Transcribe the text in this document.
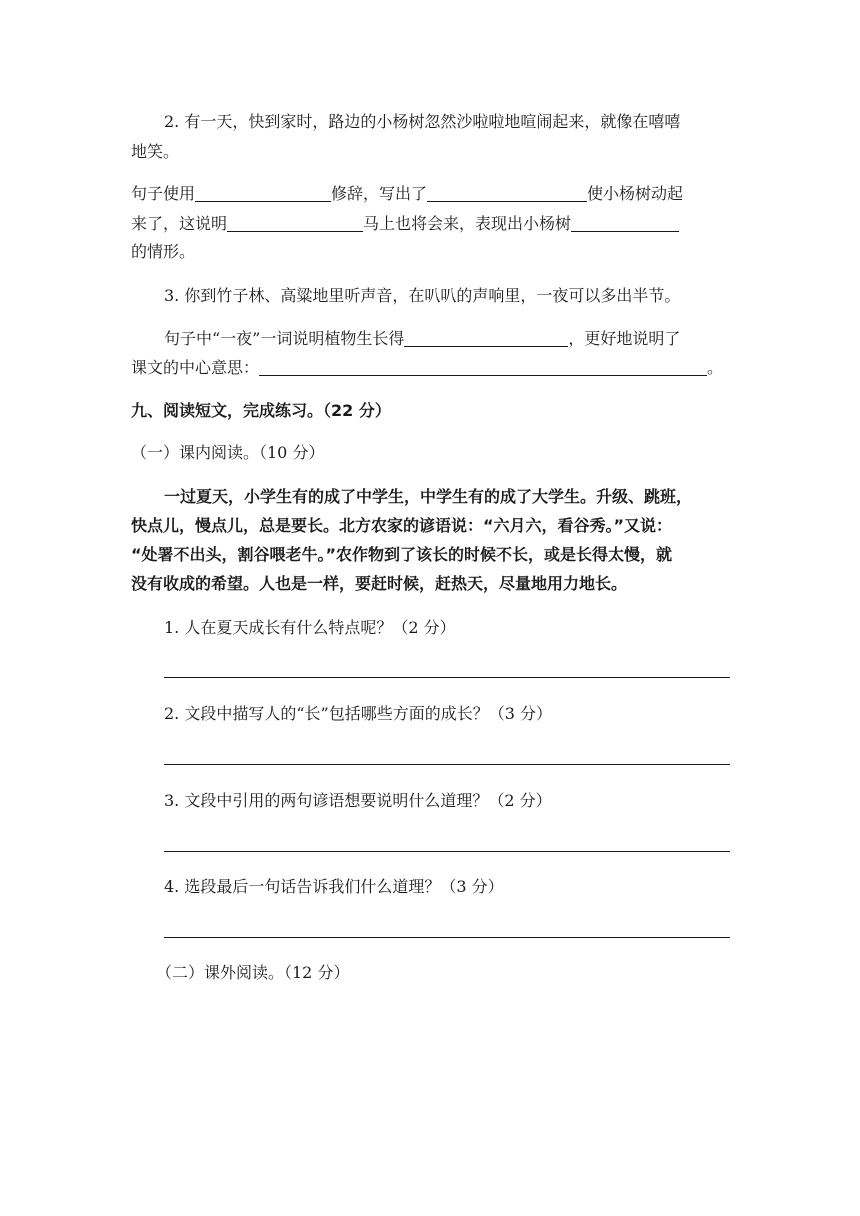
2. 有一天，快到家时，路边的小杨树忽然沙啦啦地喧闹起来，就像在嘻嘻
地笑。
句子使用	修辞，写出了	使小杨树动起
来了，这说明	马上也将会来，表现出小杨树
的情形。
3. 你到竹子林、高粱地里听声音，在叭叭的声响里，一夜可以多出半节。
句子中“一夜”一词说明植物生长得	，更好地说明了
课文的中心意思：	。
九、阅读短文，完成练习。（22 分）
（一）课内阅读。（10 分）
一过夏天，小学生有的成了中学生，中学生有的成了大学生。升级、跳班，
快点儿，慢点儿，总是要长。北方农家的谚语说：“六月六，看谷秀。”又说：
“处署不出头，割谷喂老牛。”农作物到了该长的时候不长，或是长得太慢，就
没有收成的希望。人也是一样，要赶时候，赶热天，尽量地用力地长。
1. 人在夏天成长有什么特点呢？（2 分）
2. 文段中描写人的“长”包括哪些方面的成长？（3 分）
3. 文段中引用的两句谚语想要说明什么道理？（2 分）
4. 选段最后一句话告诉我们什么道理？（3 分）
（二）课外阅读。（12 分）
